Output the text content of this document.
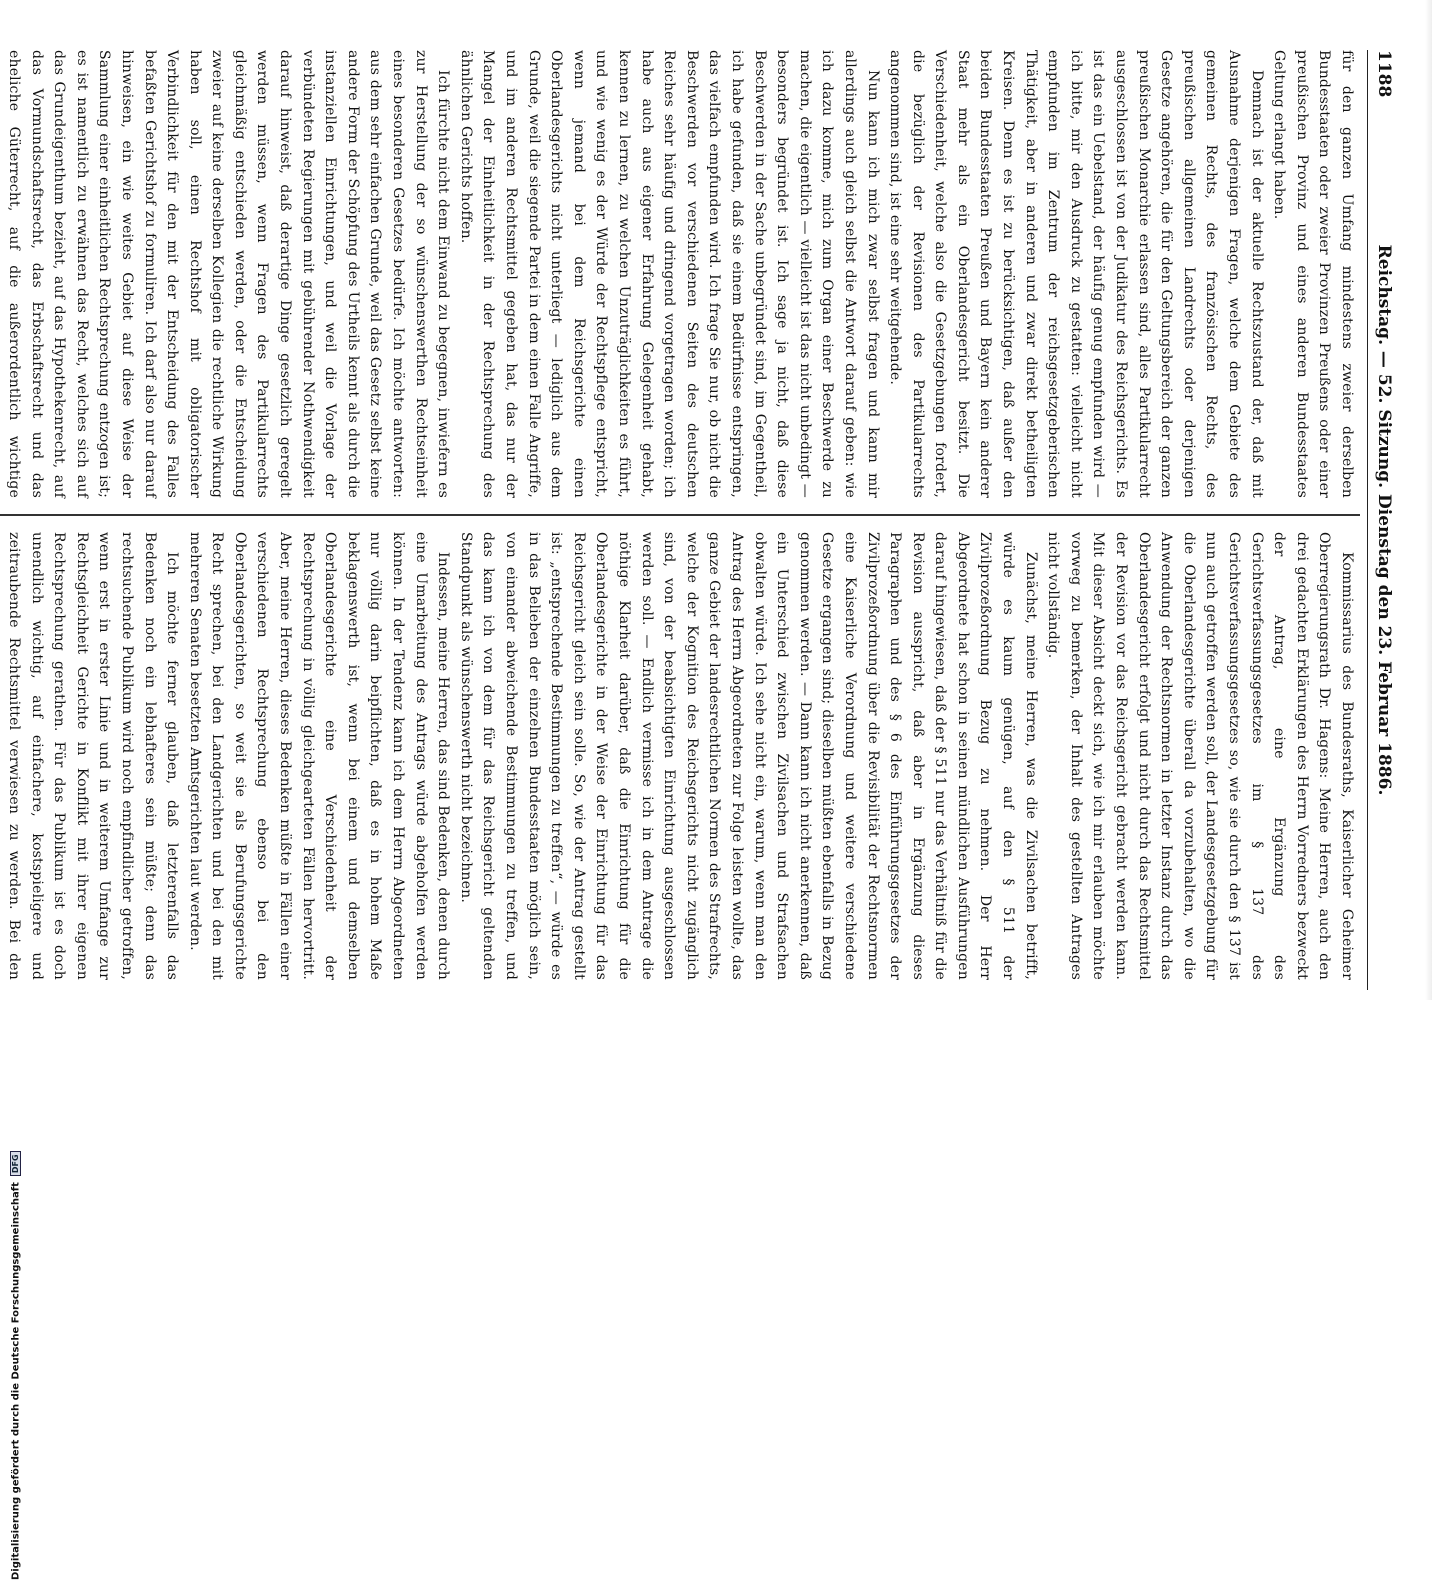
1188
Reichstag. — 52. Sitzung. Dienstag den 23. Februar 1886.

für den ganzen Umfang mindestens zweier derselben Bundesstaaten oder zweier Provinzen Preußens oder einer preußischen Provinz und eines anderen Bundesstaates Geltung erlangt haben.

Demnach ist der aktuelle Rechtszustand der, daß mit Ausnahme derjenigen Fragen, welche dem Gebiete des gemeinen Rechts, des französischen Rechts, des preußischen allgemeinen Landrechts oder derjenigen Gesetze angehören, die für den Geltungsbereich der ganzen preußischen Monarchie erlassen sind, alles Partikularrecht ausgeschlossen ist von der Judikatur des Reichsgerichts. Es ist das ein Uebelstand, der häufig genug empfunden wird — ich bitte, mir den Ausdruck zu gestatten: vielleicht nicht empfunden im Zentrum der reichsgesetzgeberischen Thätigkeit, aber in anderen und zwar direkt betheiligten Kreisen. Denn es ist zu berücksichtigen, daß außer den beiden Bundesstaaten Preußen und Bayern kein anderer Staat mehr als ein Oberlandesgericht besitzt. Die Verschiedenheit, welche also die Gesetzgebungen fordert, die bezüglich der Revisionen des Partikularrechts angenommen sind, ist eine sehr weitgehende.

Nun kann ich mich zwar selbst fragen und kann mir allerdings auch gleich selbst die Antwort darauf geben: wie ich dazu komme, mich zum Organ einer Beschwerde zu machen, die eigentlich — vielleicht ist das nicht unbedingt — besonders begründet ist. Ich sage ja nicht, daß diese Beschwerden in der Sache unbegründet sind, im Gegentheil, ich habe gefunden, daß sie einem Bedürfnisse entspringen, das vielfach empfunden wird. Ich frage Sie nur, ob nicht die Beschwerden vor verschiedenen Seiten des deutschen Reiches sehr häufig und dringend vorgetragen worden; ich habe auch aus eigener Erfahrung Gelegenheit gehabt, kennen zu lernen, zu welchen Unzuträglichkeiten es führt, und wie wenig es der Würde der Rechtspflege entspricht, wenn jemand bei dem Reichsgerichte einen Oberlandesgerichts nicht unterliegt — lediglich aus dem Grunde, weil die siegende Partei in dem einen Falle Angriffe, und im anderen Rechtsmittel gegeben hat, das nur der Mangel der Einheitlichkeit in der Rechtsprechung des ähnlichen Gerichts hoffen.

Ich fürchte nicht dem Einwand zu begegnen, inwiefern es zur Herstellung der so wünschenswerthen Rechtseinheit eines besonderen Gesetzes bedürfe. Ich möchte antworten: aus dem sehr einfachen Grunde, weil das Gesetz selbst keine andere Form der Schöpfung des Urtheils kennt als durch die instanziellen Einrichtungen, und weil die Vorlage der verbündeten Regierungen mit gebührender Nothwendigkeit darauf hinweist, daß derartige Dinge gesetzlich geregelt werden müssen, wenn Fragen des Partikularrechts gleichmäßig entschieden werden, oder die Entscheidung zweier auf keine derselben Kollegien die rechtliche Wirkung haben soll, einen Rechtshof mit obligatorischer Verbindlichkeit für den mit der Entscheidung des Falles befaßten Gerichtshof zu formuliren. Ich darf also nur darauf hinweisen, ein wie weites Gebiet auf diese Weise der Sammlung einer einheitlichen Rechtsprechung entzogen ist; es ist namentlich zu erwähnen das Recht, welches sich auf das Grundeigenthum bezieht, auf das Hypothekenrecht, auf das Vormundschaftsrecht, das Erbschaftsrecht und das eheliche Güterrecht, auf die außerordentlich wichtige

Kommissarius des Bundesraths, Kaiserlicher Geheimer Oberregierungsrath Dr. Hagens: Meine Herren, auch den drei gedachten Erklärungen des Herrn Vorredners bezweckt der Antrag, eine Ergänzung des Gerichtsverfassungsgesetzes im § 137 des Gerichtsverfassungsgesetzes so, wie sie durch den § 137 ist nun auch getroffen werden soll, der Landesgesetzgebung für die Oberlandesgerichte überall da vorzubehalten, wo die Anwendung der Rechtsnormen in letzter Instanz durch das Oberlandesgericht erfolgt und nicht durch das Rechtsmittel der Revision vor das Reichsgericht gebracht werden kann. Mit dieser Absicht deckt sich, wie ich mir erlauben möchte vorweg zu bemerken, der Inhalt des gestellten Antrages nicht vollständig.

Zunächst, meine Herren, was die Zivilsachen betrifft, würde es kaum genügen, auf den § 511 der Zivilprozeßordnung Bezug zu nehmen. Der Herr Abgeordnete hat schon in seinen mündlichen Ausführungen darauf hingewiesen, daß der § 511 nur das Verhältniß für die Revision ausspricht, daß aber in Ergänzung dieses Paragraphen und des § 6 des Einführungsgesetzes der Zivilprozeßordnung über die Revisibilität der Rechtsnormen eine Kaiserliche Verordnung und weitere verschiedene Gesetze ergangen sind; dieselben müßten ebenfalls in Bezug genommen werden. — Dann kann ich nicht anerkennen, daß ein Unterschied zwischen Zivilsachen und Strafsachen obwalten würde. Ich sehe nicht ein, warum, wenn man den Antrag des Herrn Abgeordneten zur Folge leisten wollte, das ganze Gebiet der landesrechtlichen Normen des Strafrechts, welche der Kognition des Reichsgerichts nicht zugänglich sind, von der beabsichtigten Einrichtung ausgeschlossen werden soll. — Endlich vermisse ich in dem Antrage die nöthige Klarheit darüber, daß die Einrichtung für die Oberlandesgerichte in der Weise der Einrichtung für das Reichsgericht gleich sein solle. So, wie der Antrag gestellt ist: „entsprechende Bestimmungen zu treffen“, — würde es in das Belieben der einzelnen Bundesstaaten möglich sein, von einander abweichende Bestimmungen zu treffen, und das kann ich von dem für das Reichsgericht geltenden Standpunkt als wünschenswerth nicht bezeichnen.

Indessen, meine Herren, das sind Bedenken, denen durch eine Umarbeitung des Antrags würde abgeholfen werden können. In der Tendenz kann ich dem Herrn Abgeordneten nur völlig darin beipflichten, daß es in hohem Maße beklagenswerth ist, wenn bei einem und demselben Oberlandesgerichte eine Verschiedenheit der Rechtsprechung in völlig gleichgearteten Fällen hervortritt. Aber, meine Herren, dieses Bedenken müßte in Fällen einer verschiedenen Rechtsprechung ebenso bei den Oberlandesgerichten, so weit sie als Berufungsgerichte Recht sprechen, bei den Landgerichten und bei den mit mehreren Senaten besetzten Amtsgerichten laut werden.

Ich möchte ferner glauben, daß letzterenfalls das Bedenken noch ein lebhafteres sein müßte; denn das rechtsuchende Publikum wird noch empfindlicher getroffen, wenn erst in erster Linie und in weiterem Umfange zur Rechtsgleichheit Gerichte in Konflikt mit ihrer eigenen Rechtsprechung gerathen. Für das Publikum ist es doch unendlich wichtig, auf einfachere, kostspieligere und zeitraubende Rechtsmittel verwiesen zu werden. Bei den

Digitalisierung gefördert durch die Deutsche ForschungsgemeinschaftDFG
